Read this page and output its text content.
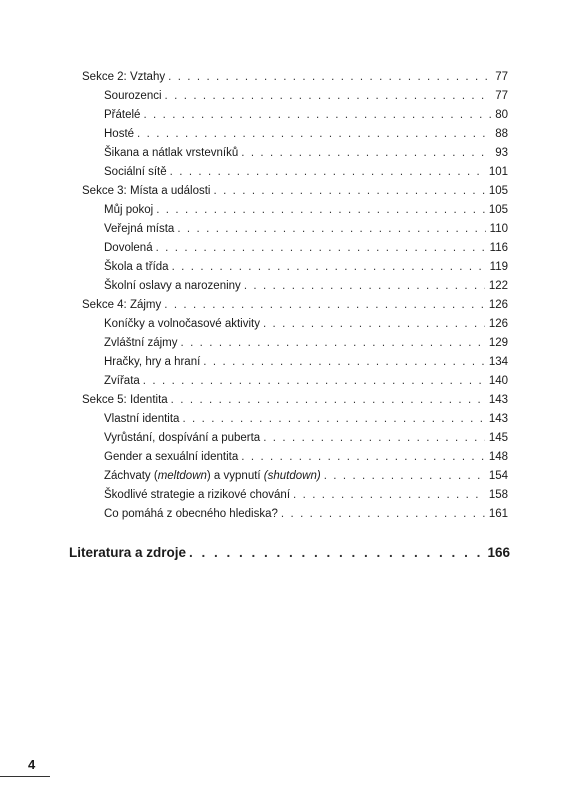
Sekce 2: Vztahy . . .	77
Sourozenci . . .	77
Přátelé . . .	80
Hosté . . .	88
Šikana a nátlak vrstevníků . . .	93
Sociální sítě . . .	101
Sekce 3: Místa a události . . .	105
Můj pokoj . . .	105
Veřejná místa . . .	110
Dovolená . . .	116
Škola a třída . . .	119
Školní oslavy a narozeniny . . .	122
Sekce 4: Zájmy . . .	126
Koníčky a volnočasové aktivity . . .	126
Zvláštní zájmy . . .	129
Hračky, hry a hraní . . .	134
Zvířata . . .	140
Sekce 5: Identita . . .	143
Vlastní identita . . .	143
Vyrůstání, dospívání a puberta . . .	145
Gender a sexuální identita . . .	148
Záchvaty (meltdown) a vypnutí (shutdown) . . .	154
Škodlivé strategie a rizikové chování . . .	158
Co pomáhá z obecného hlediska? . . .	161
Literatura a zdroje . . .	166
4
